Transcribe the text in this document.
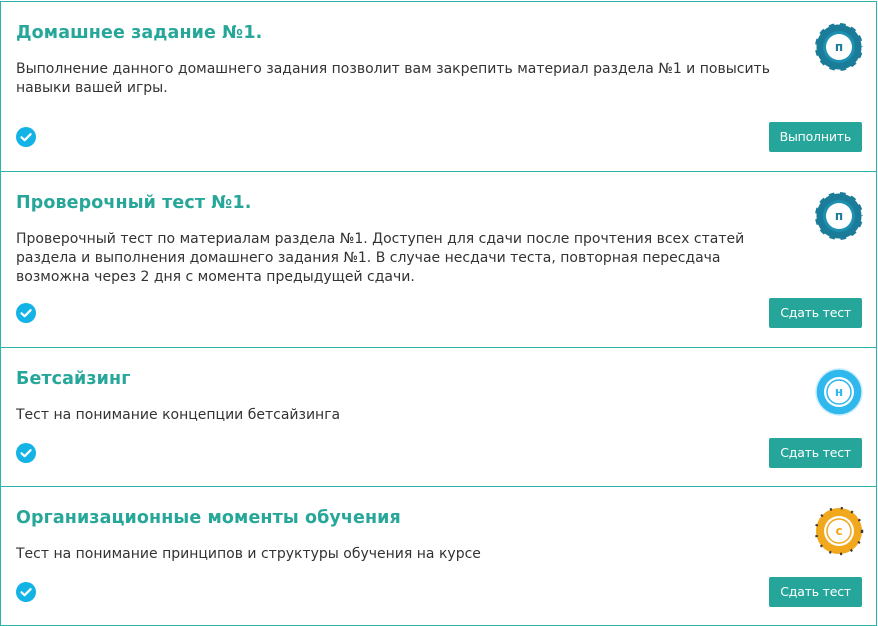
Домашнее задание №1.
Выполнение данного домашнего задания позволит вам закрепить материал раздела №1 и повысить навыки вашей игры.
Выполнить
п
Проверочный тест №1.
Проверочный тест по материалам раздела №1. Доступен для сдачи после прочтения всех статей раздела и выполнения домашнего задания №1. В случае несдачи теста, повторная пересдача возможна через 2 дня с момента предыдущей сдачи.
Сдать тест
п
Бетсайзинг
Тест на понимание концепции бетсайзинга
Сдать тест
н
Организационные моменты обучения
Тест на понимание принципов и структуры обучения на курсе
Сдать тест
с
